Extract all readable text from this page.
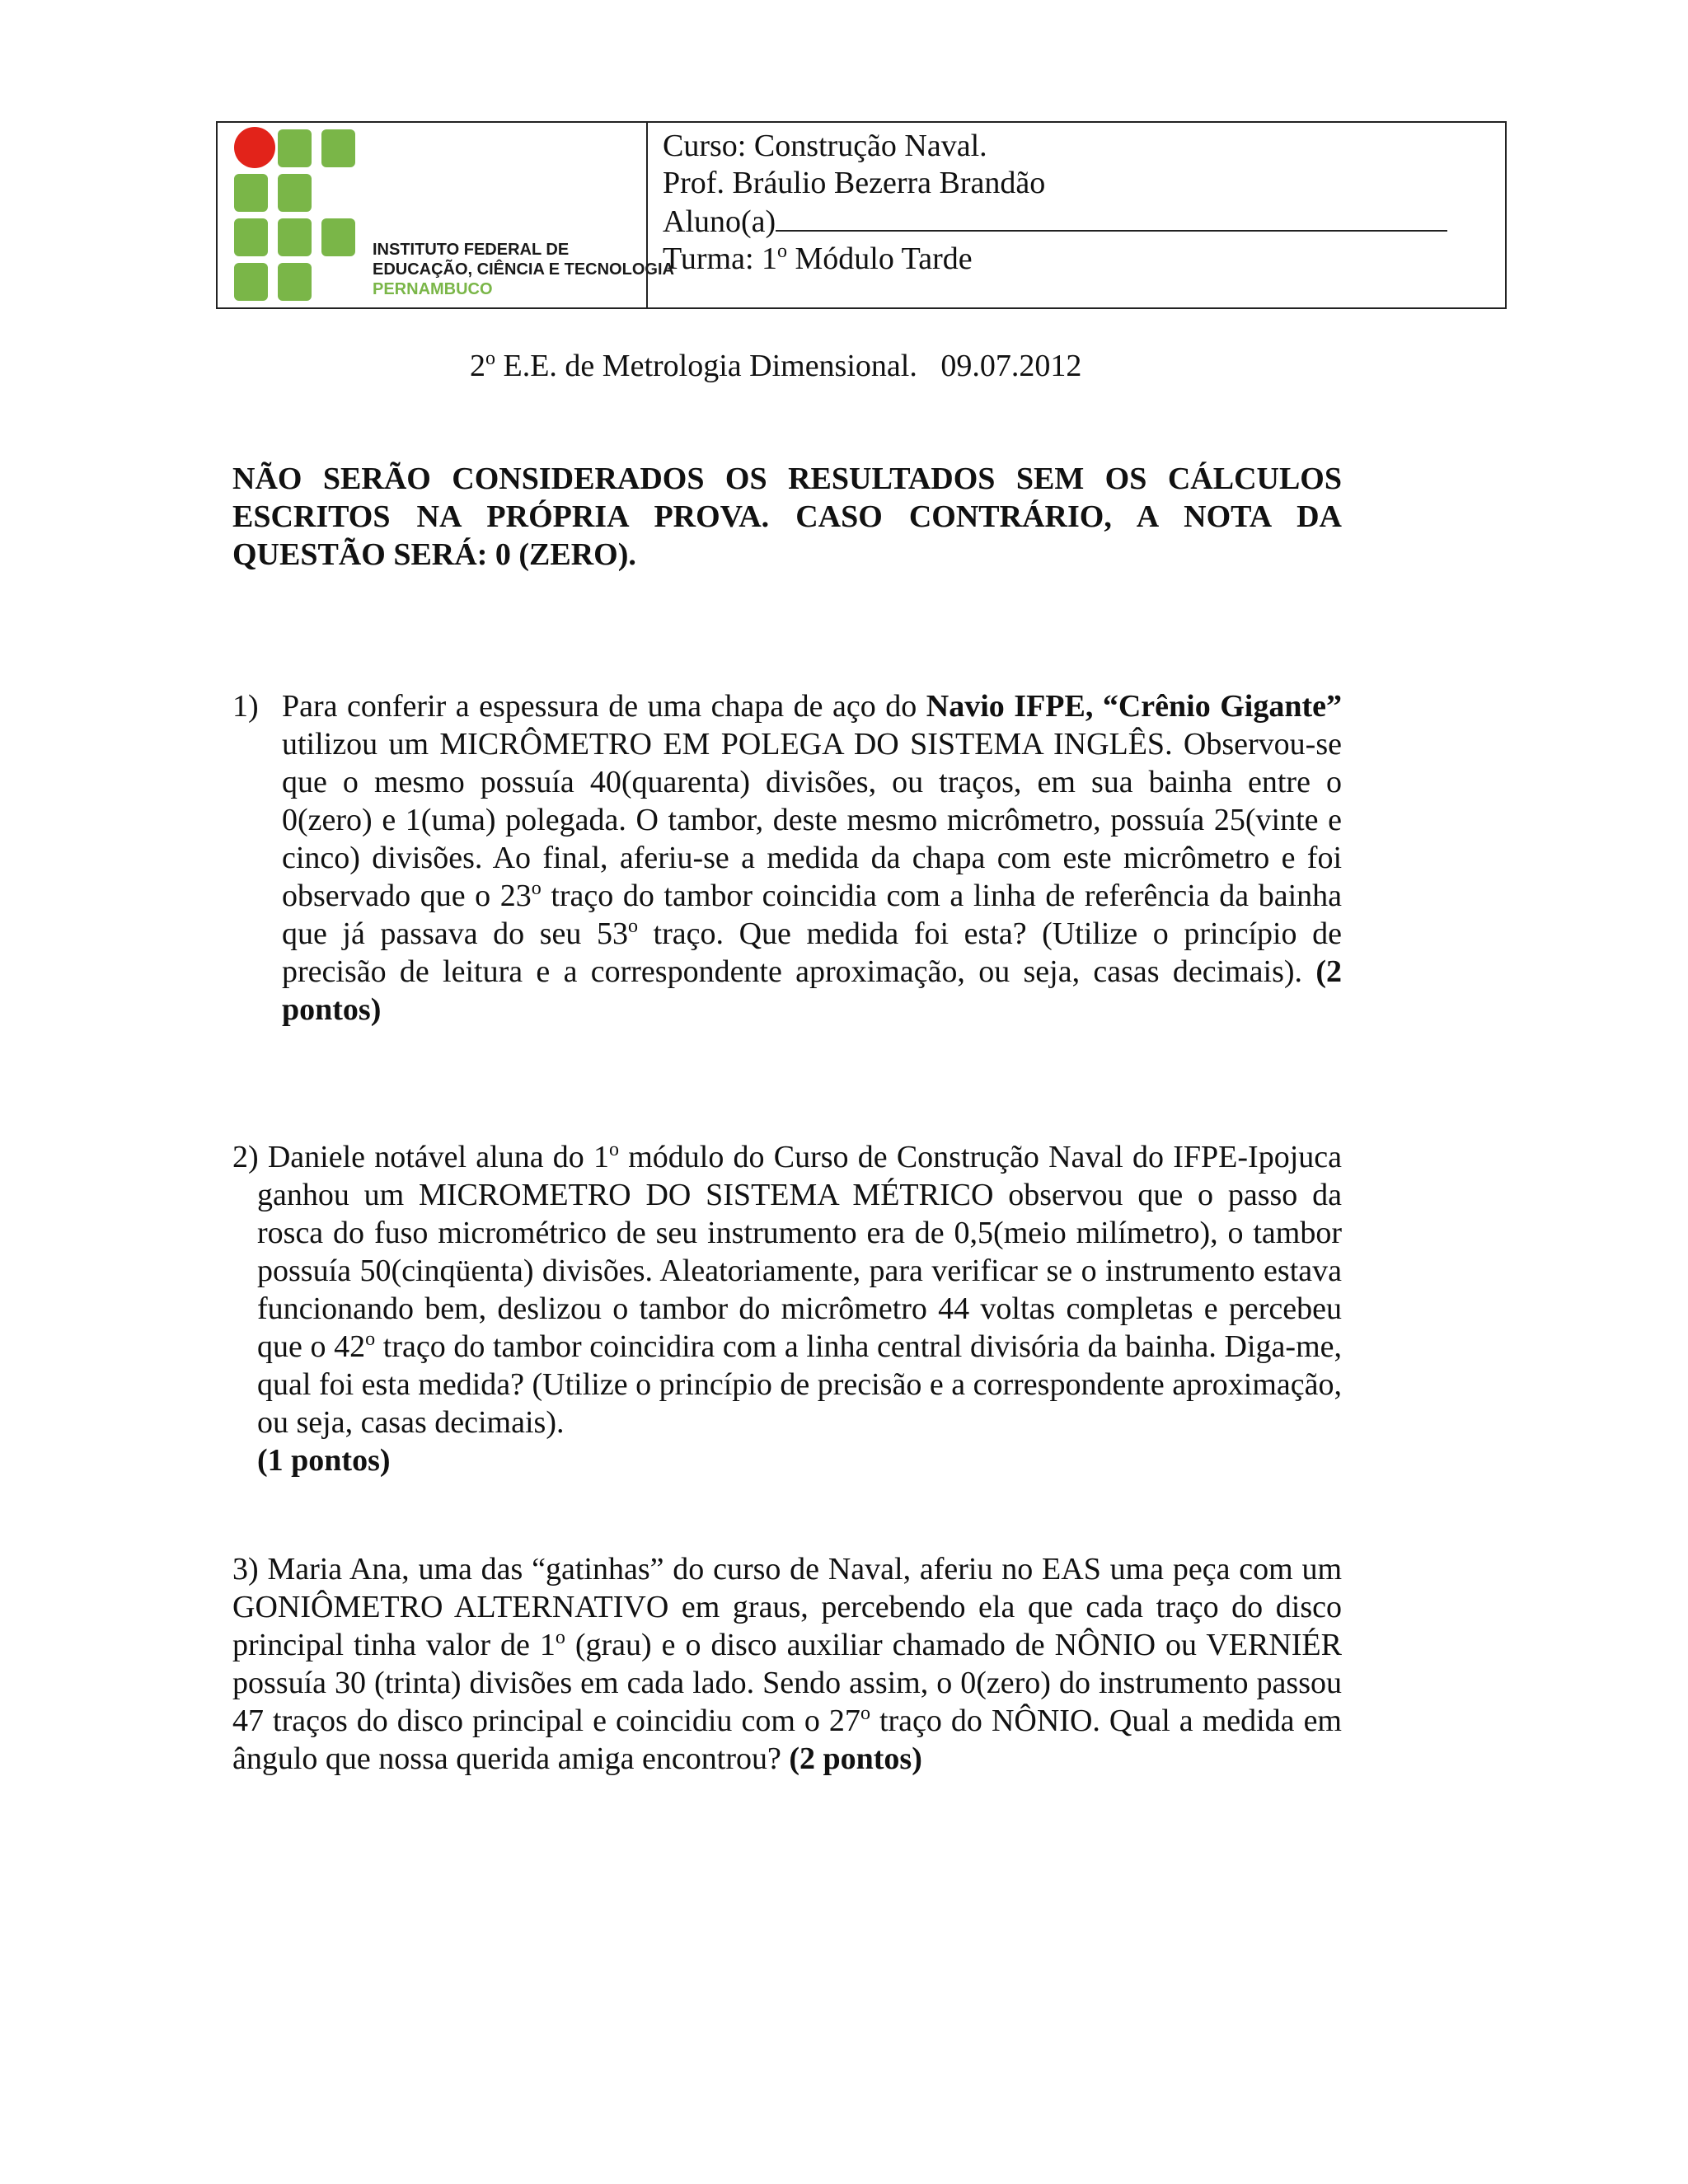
INSTITUTO FEDERAL DE
EDUCAÇÃO, CIÊNCIA E TECNOLOGIA
PERNAMBUCO
Curso: Construção Naval.
Prof. Bráulio Bezerra Brandão
Aluno(a)
Turma: 1$^o$ Módulo Tarde
2$^o$ E.E. de Metrologia Dimensional.   09.07.2012
NÃO SERÃO CONSIDERADOS OS RESULTADOS SEM OS CÁLCULOS ESCRITOS NA PRÓPRIA PROVA. CASO CONTRÁRIO, A NOTA DA QUESTÃO SERÁ: 0 (ZERO).
1) Para conferir a espessura de uma chapa de aço do Navio IFPE, “Crênio Gigante” utilizou um MICRÔMETRO EM POLEGA DO SISTEMA INGLÊS. Observou-se que o mesmo possuía 40(quarenta) divisões, ou traços, em sua bainha entre o 0(zero) e 1(uma) polegada. O tambor, deste mesmo micrômetro, possuía 25(vinte e cinco) divisões. Ao final, aferiu-se a medida da chapa com este micrômetro e foi observado que o 23$^o$ traço do tambor coincidia com a linha de referência da bainha que já passava do seu 53$^o$ traço. Que medida foi esta? (Utilize o princípio de precisão de leitura e a correspondente aproximação, ou seja, casas decimais). (2 pontos)
2) Daniele notável aluna do 1$^o$ módulo do Curso de Construção Naval do IFPE-Ipojuca ganhou um MICROMETRO DO SISTEMA MÉTRICO observou que o passo da rosca do fuso micrométrico de seu instrumento era de 0,5(meio milímetro), o tambor possuía 50(cinqüenta) divisões. Aleatoriamente, para verificar se o instrumento estava funcionando bem, deslizou o tambor do micrômetro 44 voltas completas e percebeu que o 42$^o$ traço do tambor coincidira com a linha central divisória da bainha. Diga-me, qual foi esta medida? (Utilize o princípio de precisão e a correspondente aproximação, ou seja, casas decimais).
(1 pontos)
3) Maria Ana, uma das “gatinhas” do curso de Naval, aferiu no EAS uma peça com um GONIÔMETRO ALTERNATIVO em graus, percebendo ela que cada traço do disco principal tinha valor de 1$^o$ (grau) e o disco auxiliar chamado de NÔNIO ou VERNIÉR possuía 30 (trinta) divisões em cada lado. Sendo assim, o 0(zero) do instrumento passou 47 traços do disco principal e coincidiu com o 27$^o$ traço do NÔNIO. Qual a medida em ângulo que nossa querida amiga encontrou? (2 pontos)
